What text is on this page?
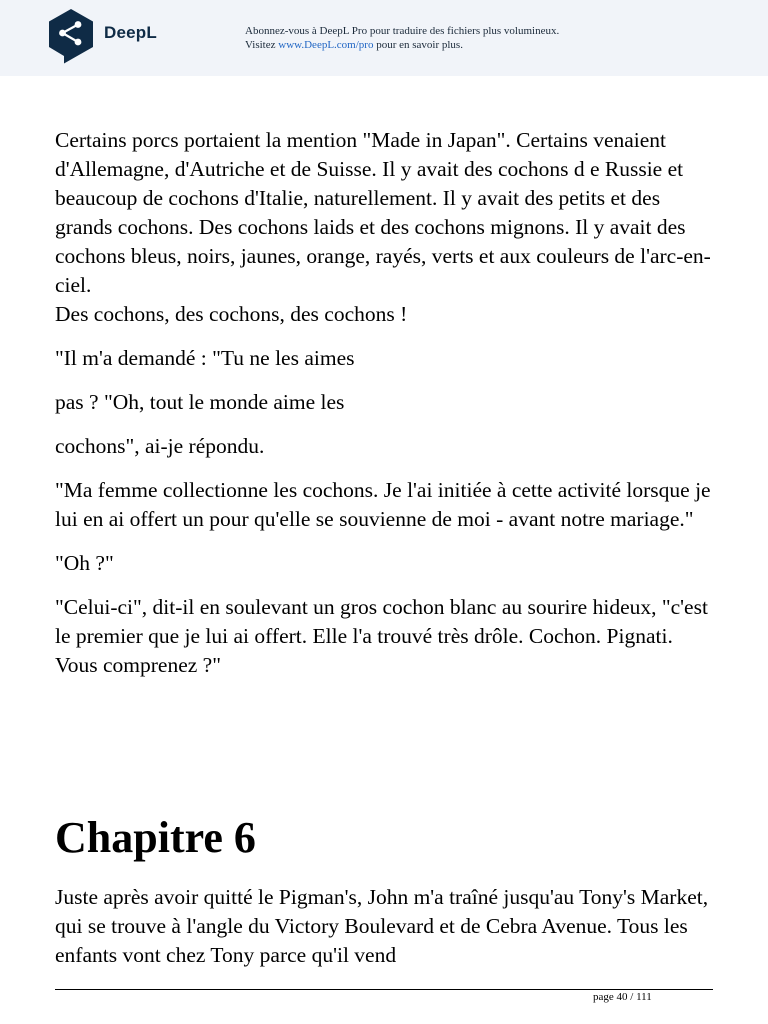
DeepL	Abonnez-vous à DeepL Pro pour traduire des fichiers plus volumineux.
Visitez www.DeepL.com/pro pour en savoir plus.

Certains porcs portaient la mention "Made in Japan". Certains venaient d'Allemagne, d'Autriche et de Suisse. Il y avait des cochons d e Russie et beaucoup de cochons d'Italie, naturellement. Il y avait des petits et des grands cochons. Des cochons laids et des cochons mignons. Il y avait des cochons bleus, noirs, jaunes, orange, rayés, verts et aux couleurs de l'arc-en-ciel.

Des cochons, des cochons, des cochons !

"Il m'a demandé : "Tu ne les aimes

pas ? "Oh, tout le monde aime les

cochons", ai-je répondu.

"Ma femme collectionne les cochons. Je l'ai initiée à cette activité lorsque je lui en ai offert un pour qu'elle se souvienne de moi - avant notre mariage."

"Oh ?"

"Celui-ci", dit-il en soulevant un gros cochon blanc au sourire hideux, "c'est le premier que je lui ai offert. Elle l'a trouvé très drôle. Cochon. Pignati. Vous comprenez ?"

Chapitre 6

Juste après avoir quitté le Pigman's, John m'a traîné jusqu'au Tony's Market, qui se trouve à l'angle du Victory Boulevard et de Cebra Avenue. Tous les enfants vont chez Tony parce qu'il vend

page 40 / 111
